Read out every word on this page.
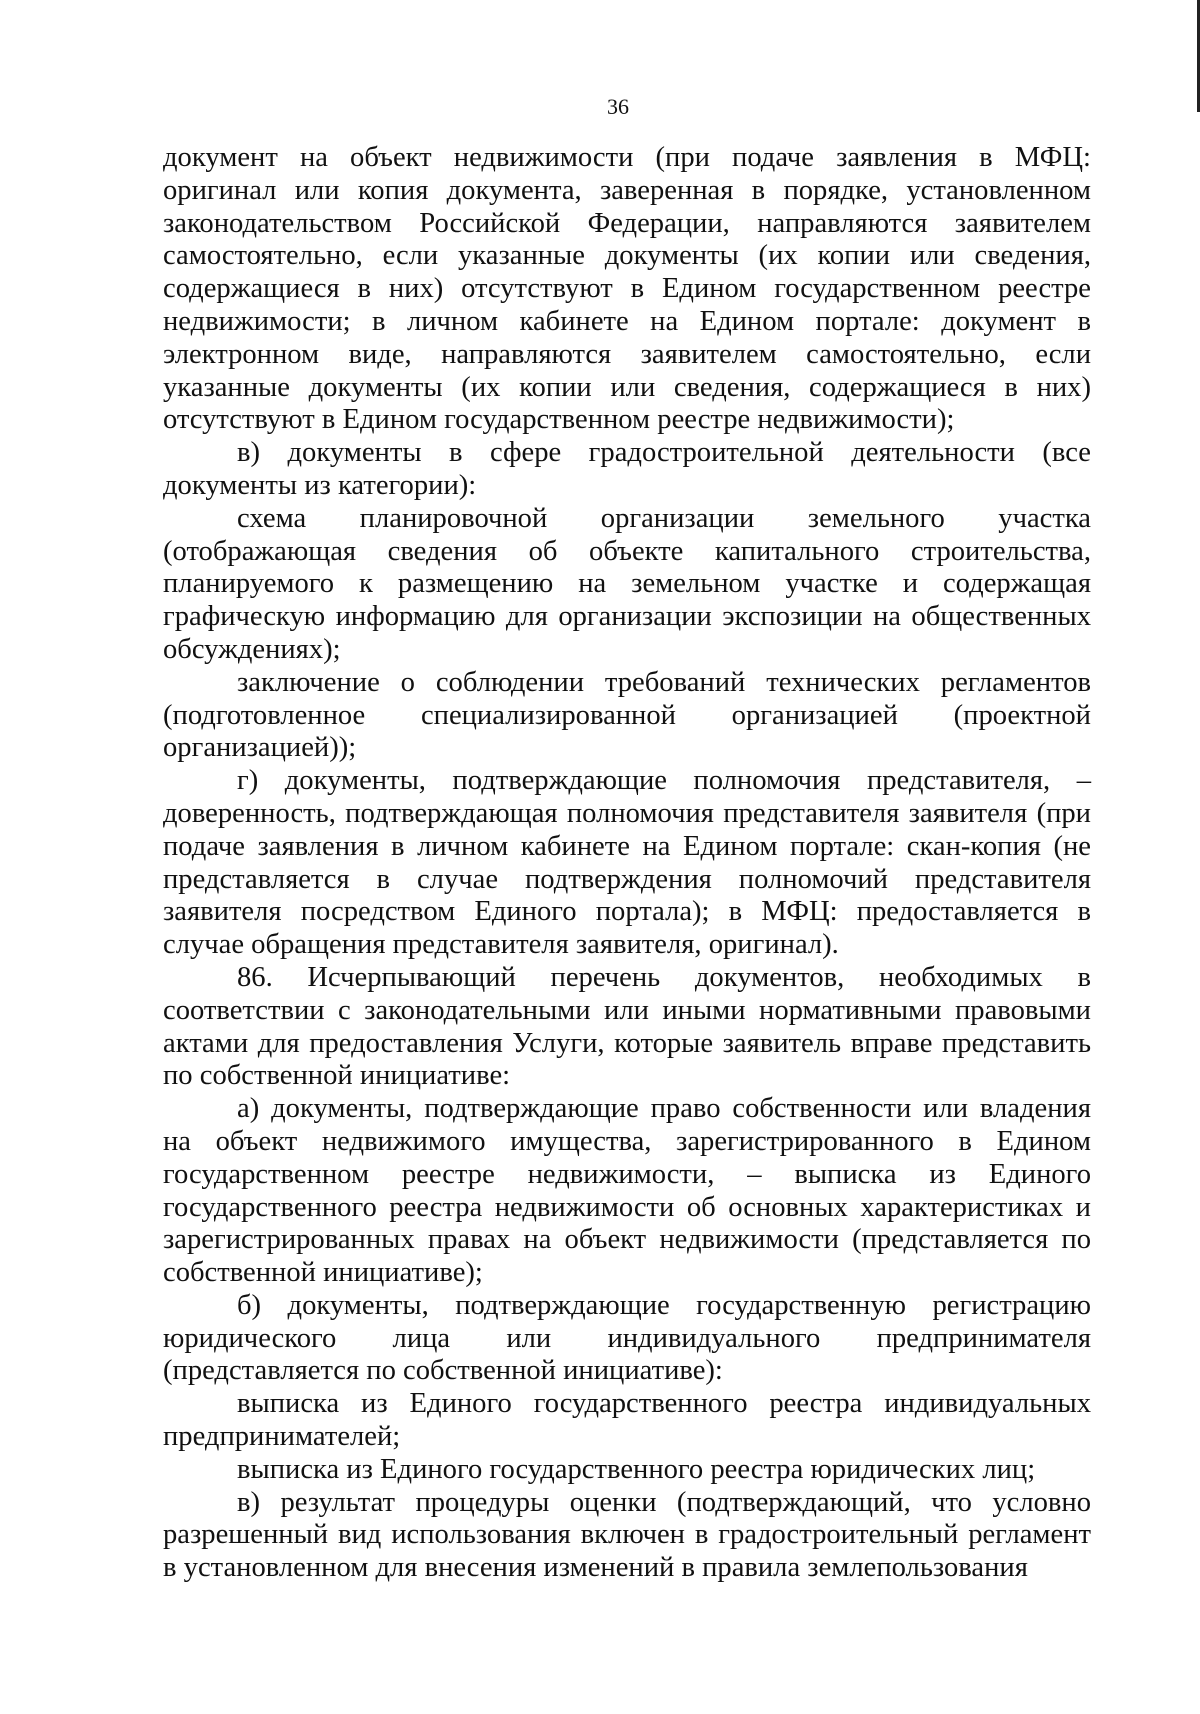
36

документ на объект недвижимости (при подаче заявления в МФЦ: оригинал или копия документа, заверенная в порядке, установленном законодательством Российской Федерации, направляются заявителем самостоятельно, если указанные документы (их копии или сведения, содержащиеся в них) отсутствуют в Едином государственном реестре недвижимости; в личном кабинете на Едином портале: документ в электронном виде, направляются заявителем самостоятельно, если указанные документы (их копии или сведения, содержащиеся в них) отсутствуют в Едином государственном реестре недвижимости);

в) документы в сфере градостроительной деятельности (все документы из категории):

схема планировочной организации земельного участка (отображающая сведения об объекте капитального строительства, планируемого к размещению на земельном участке и содержащая графическую информацию для организации экспозиции на общественных обсуждениях);

заключение о соблюдении требований технических регламентов (подготовленное специализированной организацией (проектной организацией));

г) документы, подтверждающие полномочия представителя, – доверенность, подтверждающая полномочия представителя заявителя (при подаче заявления в личном кабинете на Едином портале: скан-копия (не представляется в случае подтверждения полномочий представителя заявителя посредством Единого портала); в МФЦ: предоставляется в случае обращения представителя заявителя, оригинал).

86. Исчерпывающий перечень документов, необходимых в соответствии с законодательными или иными нормативными правовыми актами для предоставления Услуги, которые заявитель вправе представить по собственной инициативе:

а) документы, подтверждающие право собственности или владения на объект недвижимого имущества, зарегистрированного в Едином государственном реестре недвижимости, – выписка из Единого государственного реестра недвижимости об основных характеристиках и зарегистрированных правах на объект недвижимости (представляется по собственной инициативе);

б) документы, подтверждающие государственную регистрацию юридического лица или индивидуального предпринимателя (представляется по собственной инициативе):

выписка из Единого государственного реестра индивидуальных предпринимателей;

выписка из Единого государственного реестра юридических лиц;

в) результат процедуры оценки (подтверждающий, что условно разрешенный вид использования включен в градостроительный регламент в установленном для внесения изменений в правила землепользования
